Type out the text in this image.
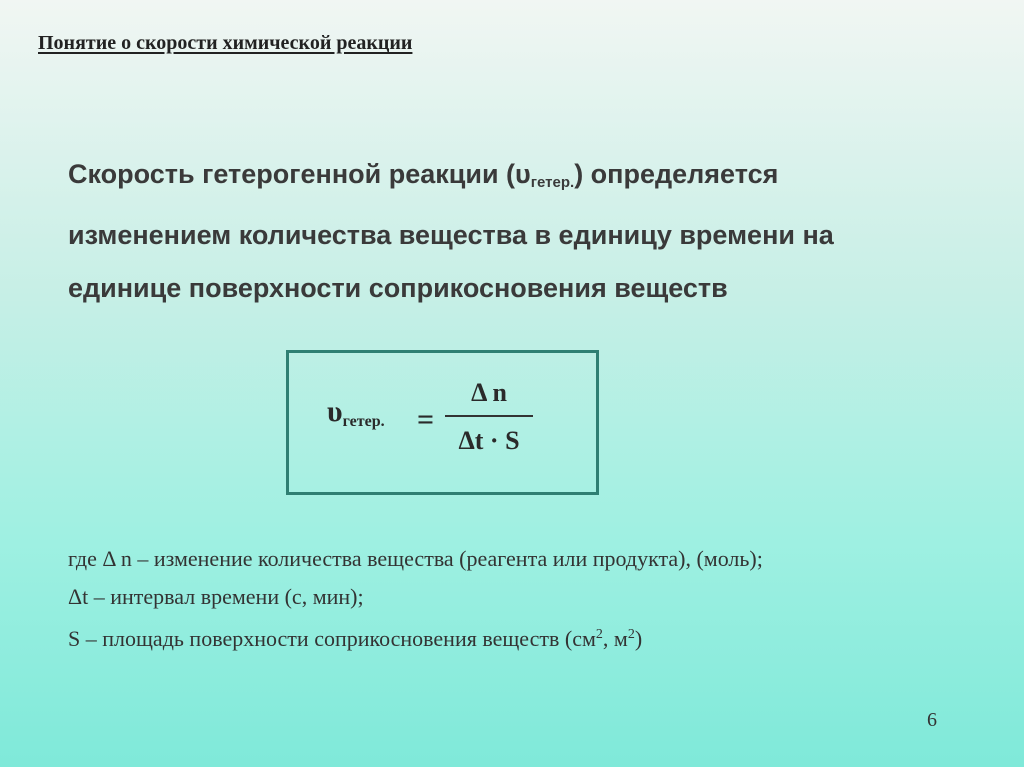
Понятие о скорости химической реакции
Скорость гетерогенной реакции $(\upsilon_{гетер.})$ определяется
изменением количества вещества в единицу времени на
единице поверхности соприкосновения веществ
$\upsilon_{гетер.}$ =
Δ n
Δt · S
где Δ n – изменение количества вещества (реагента или продукта), (моль);
Δt – интервал времени (с, мин);
S – площадь поверхности соприкосновения веществ ($см^2$, $м^2$)
6
